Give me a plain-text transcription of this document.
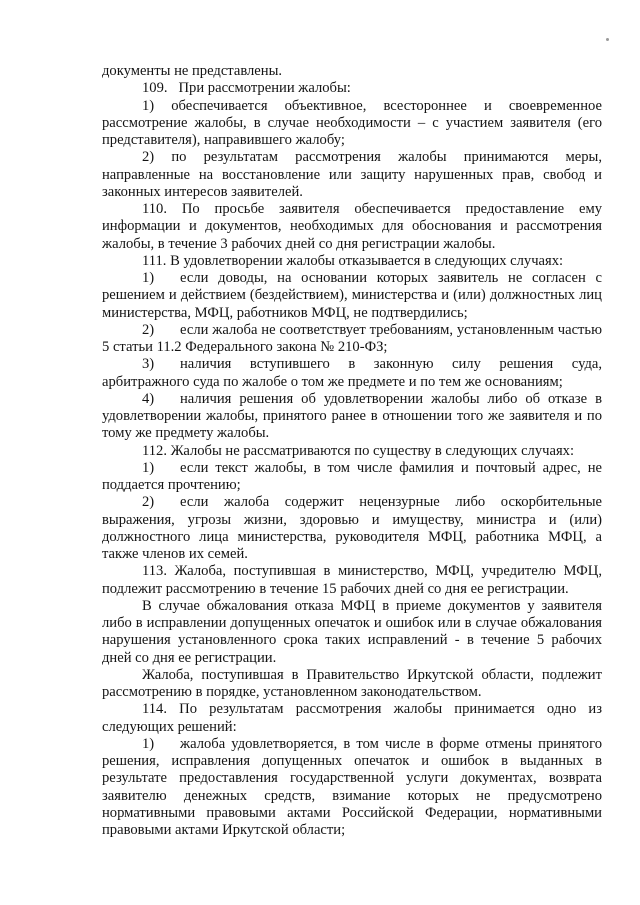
документы не представлены.

109. При рассмотрении жалобы:

1) обеспечивается объективное, всестороннее и своевременное рассмотрение жалобы, в случае необходимости – с участием заявителя (его представителя), направившего жалобу;

2) по результатам рассмотрения жалобы принимаются меры, направленные на восстановление или защиту нарушенных прав, свобод и законных интересов заявителей.

110. По просьбе заявителя обеспечивается предоставление ему информации и документов, необходимых для обоснования и рассмотрения жалобы, в течение 3 рабочих дней со дня регистрации жалобы.

111. В удовлетворении жалобы отказывается в следующих случаях:

1) если доводы, на основании которых заявитель не согласен с решением и действием (бездействием), министерства и (или) должностных лиц министерства, МФЦ, работников МФЦ, не подтвердились;

2) если жалоба не соответствует требованиям, установленным частью 5 статьи 11.2 Федерального закона № 210-ФЗ;

3) наличия вступившего в законную силу решения суда, арбитражного суда по жалобе о том же предмете и по тем же основаниям;

4) наличия решения об удовлетворении жалобы либо об отказе в удовлетворении жалобы, принятого ранее в отношении того же заявителя и по тому же предмету жалобы.

112. Жалобы не рассматриваются по существу в следующих случаях:

1) если текст жалобы, в том числе фамилия и почтовый адрес, не поддается прочтению;

2) если жалоба содержит нецензурные либо оскорбительные выражения, угрозы жизни, здоровью и имуществу, министра и (или) должностного лица министерства, руководителя МФЦ, работника МФЦ, а также членов их семей.

113. Жалоба, поступившая в министерство, МФЦ, учредителю МФЦ, подлежит рассмотрению в течение 15 рабочих дней со дня ее регистрации.

В случае обжалования отказа МФЦ в приеме документов у заявителя либо в исправлении допущенных опечаток и ошибок или в случае обжалования нарушения установленного срока таких исправлений - в течение 5 рабочих дней со дня ее регистрации.

Жалоба, поступившая в Правительство Иркутской области, подлежит рассмотрению в порядке, установленном законодательством.

114. По результатам рассмотрения жалобы принимается одно из следующих решений:

1) жалоба удовлетворяется, в том числе в форме отмены принятого решения, исправления допущенных опечаток и ошибок в выданных в результате предоставления государственной услуги документах, возврата заявителю денежных средств, взимание которых не предусмотрено нормативными правовыми актами Российской Федерации, нормативными правовыми актами Иркутской области;
